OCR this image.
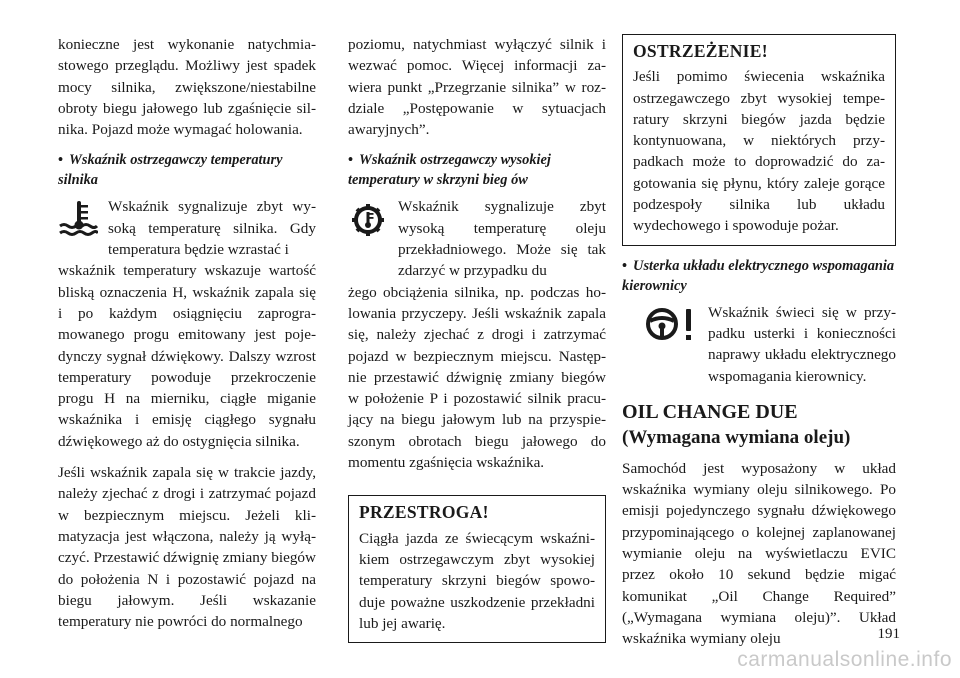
konieczne jest wykonanie natychmiastowego przeglądu. Możliwy jest spadek mocy silnika, zwiększone/niestabilne obroty biegu jałowego lub zgaśnięcie silnika. Pojazd może wymagać holowania.

• Wskaźnik ostrzegawczy temperatury silnika

Wskaźnik sygnalizuje zbyt wysoką temperaturę silnika. Gdy temperatura będzie wzrastać i

wskaźnik temperatury wskazuje wartość bliską oznaczenia H, wskaźnik zapala się i po każdym osiągnięciu zaprogramowanego progu emitowany jest pojedynczy sygnał dźwiękowy. Dalszy wzrost temperatury powoduje przekroczenie progu H na mierniku, ciągłe miganie wskaźnika i emisję ciągłego sygnału dźwiękowego aż do ostygnięcia silnika.

Jeśli wskaźnik zapala się w trakcie jazdy, należy zjechać z drogi i zatrzymać pojazd w bezpiecznym miejscu. Jeżeli klimatyzacja jest włączona, należy ją wyłączyć. Przestawić dźwignię zmiany biegów do położenia N i pozostawić pojazd na biegu jałowym. Jeśli wskazanie temperatury nie powróci do normalnego

poziomu, natychmiast wyłączyć silnik i wezwać pomoc. Więcej informacji zawiera punkt „Przegrzanie silnika” w rozdziale „Postępowanie w sytuacjach awaryjnych”.

• Wskaźnik ostrzegawczy wysokiej temperatury w skrzyni bieg ów

Wskaźnik sygnalizuje zbyt wysoką temperaturę oleju przekładniowego. Może się tak zdarzyć w przypadku du

żego obciążenia silnika, np. podczas holowania przyczepy. Jeśli wskaźnik zapala się, należy zjechać z drogi i zatrzymać pojazd w bezpiecznym miejscu. Następnie przestawić dźwignię zmiany biegów w położenie P i pozostawić silnik pracujący na biegu jałowym lub na przyspieszonym obrotach biegu jałowego do momentu zgaśnięcia wskaźnika.

PRZESTROGA!

Ciągła jazda ze świecącym wskaźnikiem ostrzegawczym zbyt wysokiej temperatury skrzyni biegów spowoduje poważne uszkodzenie przekładni lub jej awarię.

OSTRZEŻENIE!

Jeśli pomimo świecenia wskaźnika ostrzegawczego zbyt wysokiej temperatury skrzyni biegów jazda będzie kontynuowana, w niektórych przypadkach może to doprowadzić do zagotowania się płynu, który zaleje gorące podzespoły silnika lub układu wydechowego i spowoduje pożar.

• Usterka układu elektrycznego wspomagania kierownicy

Wskaźnik świeci się w przypadku usterki i konieczności naprawy układu elektrycznego wspomagania kierownicy.

OIL CHANGE DUE
(Wymagana wymiana oleju)

Samochód jest wyposażony w układ wskaźnika wymiany oleju silnikowego. Po emisji pojedynczego sygnału dźwiękowego przypominającego o kolejnej zaplanowanej wymianie oleju na wyświetlaczu EVIC przez około 10 sekund będzie migać komunikat „Oil Change Required” („Wymagana wymiana oleju)”. Układ wskaźnika wymiany oleju	191
carmanualsonline.info
